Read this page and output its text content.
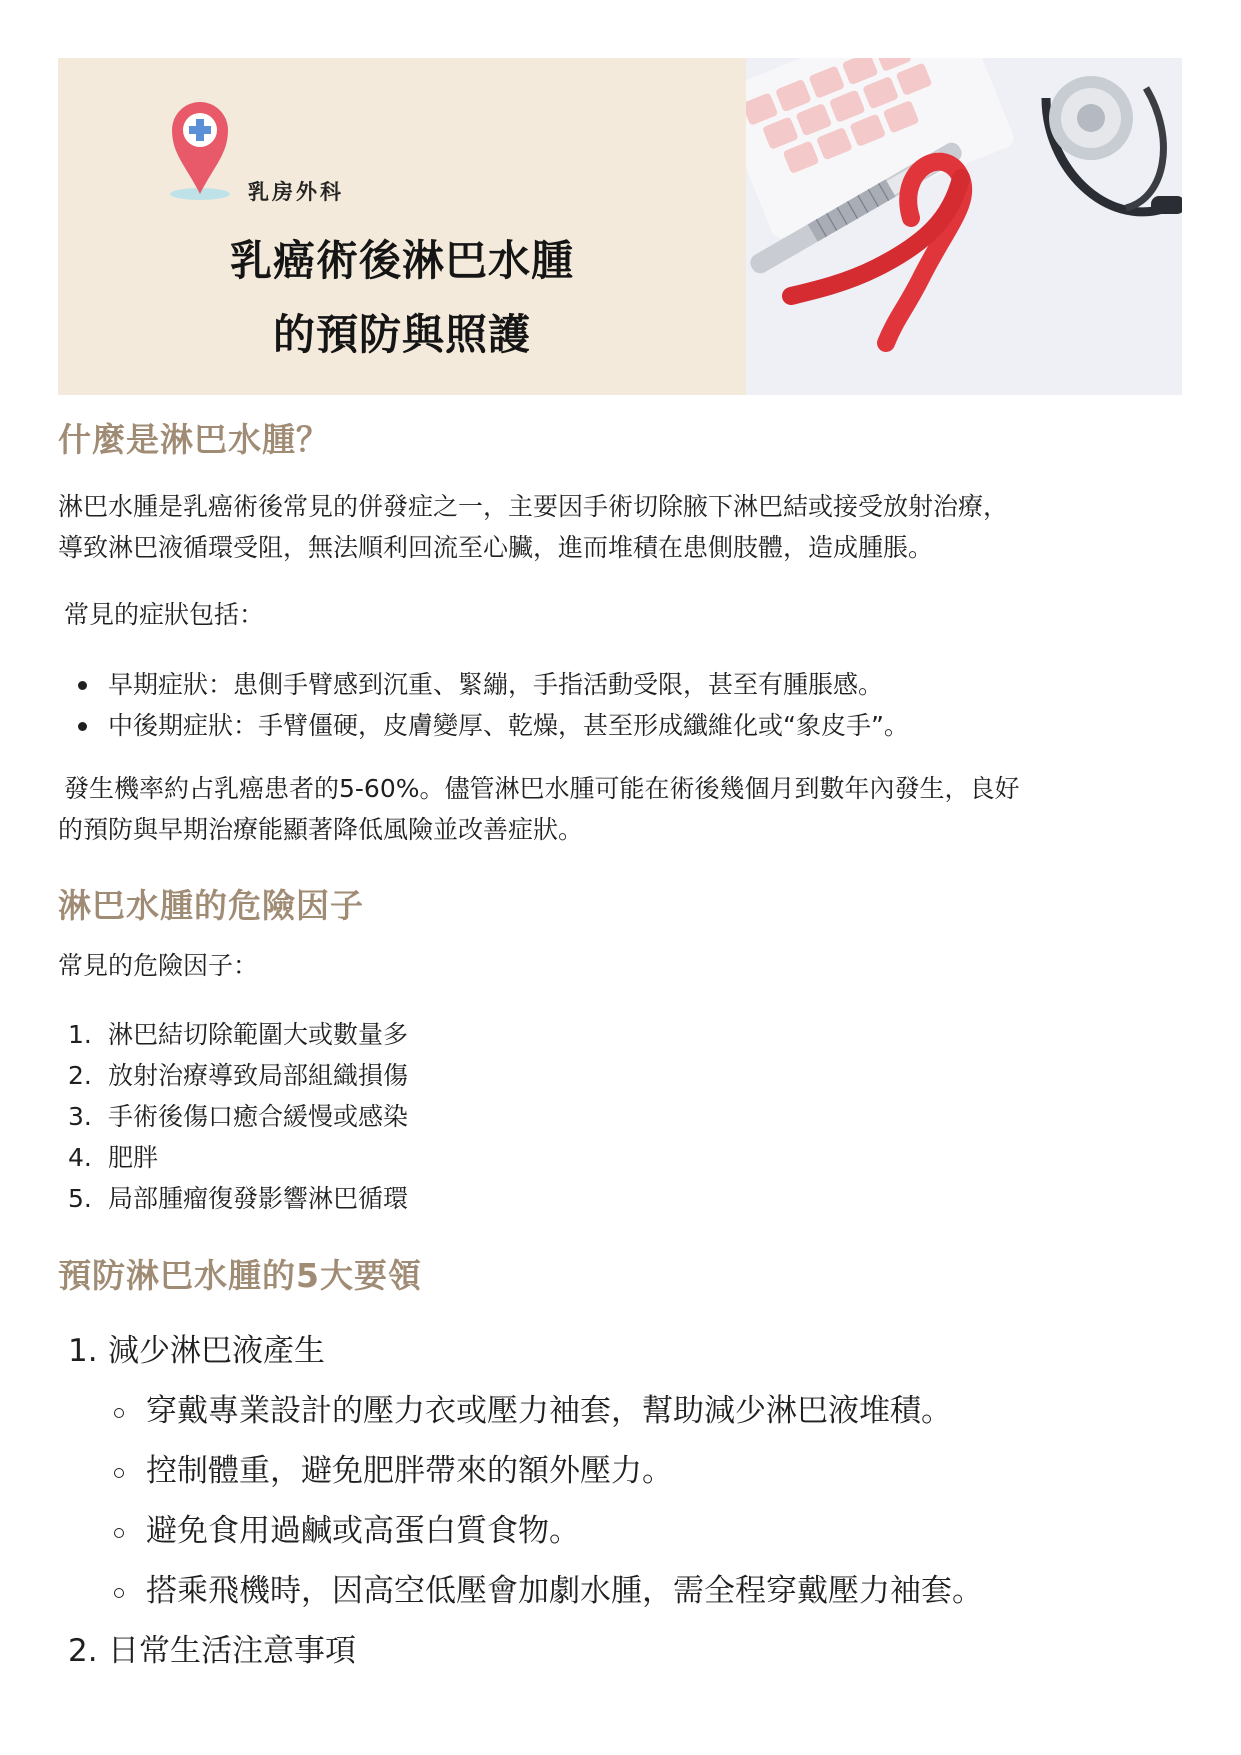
乳房外科
乳癌術後淋巴水腫
的預防與照護
什麼是淋巴水腫？
淋巴水腫是乳癌術後常見的併發症之一，主要因手術切除腋下淋巴結或接受放射治療，
導致淋巴液循環受阻，無法順利回流至心臟，進而堆積在患側肢體，造成腫脹。
常見的症狀包括：
早期症狀：患側手臂感到沉重、緊繃，手指活動受限，甚至有腫脹感。
中後期症狀：手臂僵硬，皮膚變厚、乾燥，甚至形成纖維化或“象皮手”。
發生機率約占乳癌患者的5-60%。儘管淋巴水腫可能在術後幾個月到數年內發生，良好
的預防與早期治療能顯著降低風險並改善症狀。
淋巴水腫的危險因子
常見的危險因子：
1. 淋巴結切除範圍大或數量多
2. 放射治療導致局部組織損傷
3. 手術後傷口癒合緩慢或感染
4. 肥胖
5. 局部腫瘤復發影響淋巴循環
預防淋巴水腫的5大要領
1. 減少淋巴液產生
穿戴專業設計的壓力衣或壓力袖套，幫助減少淋巴液堆積。
控制體重，避免肥胖帶來的額外壓力。
避免食用過鹹或高蛋白質食物。
搭乘飛機時，因高空低壓會加劇水腫，需全程穿戴壓力袖套。
2. 日常生活注意事項
